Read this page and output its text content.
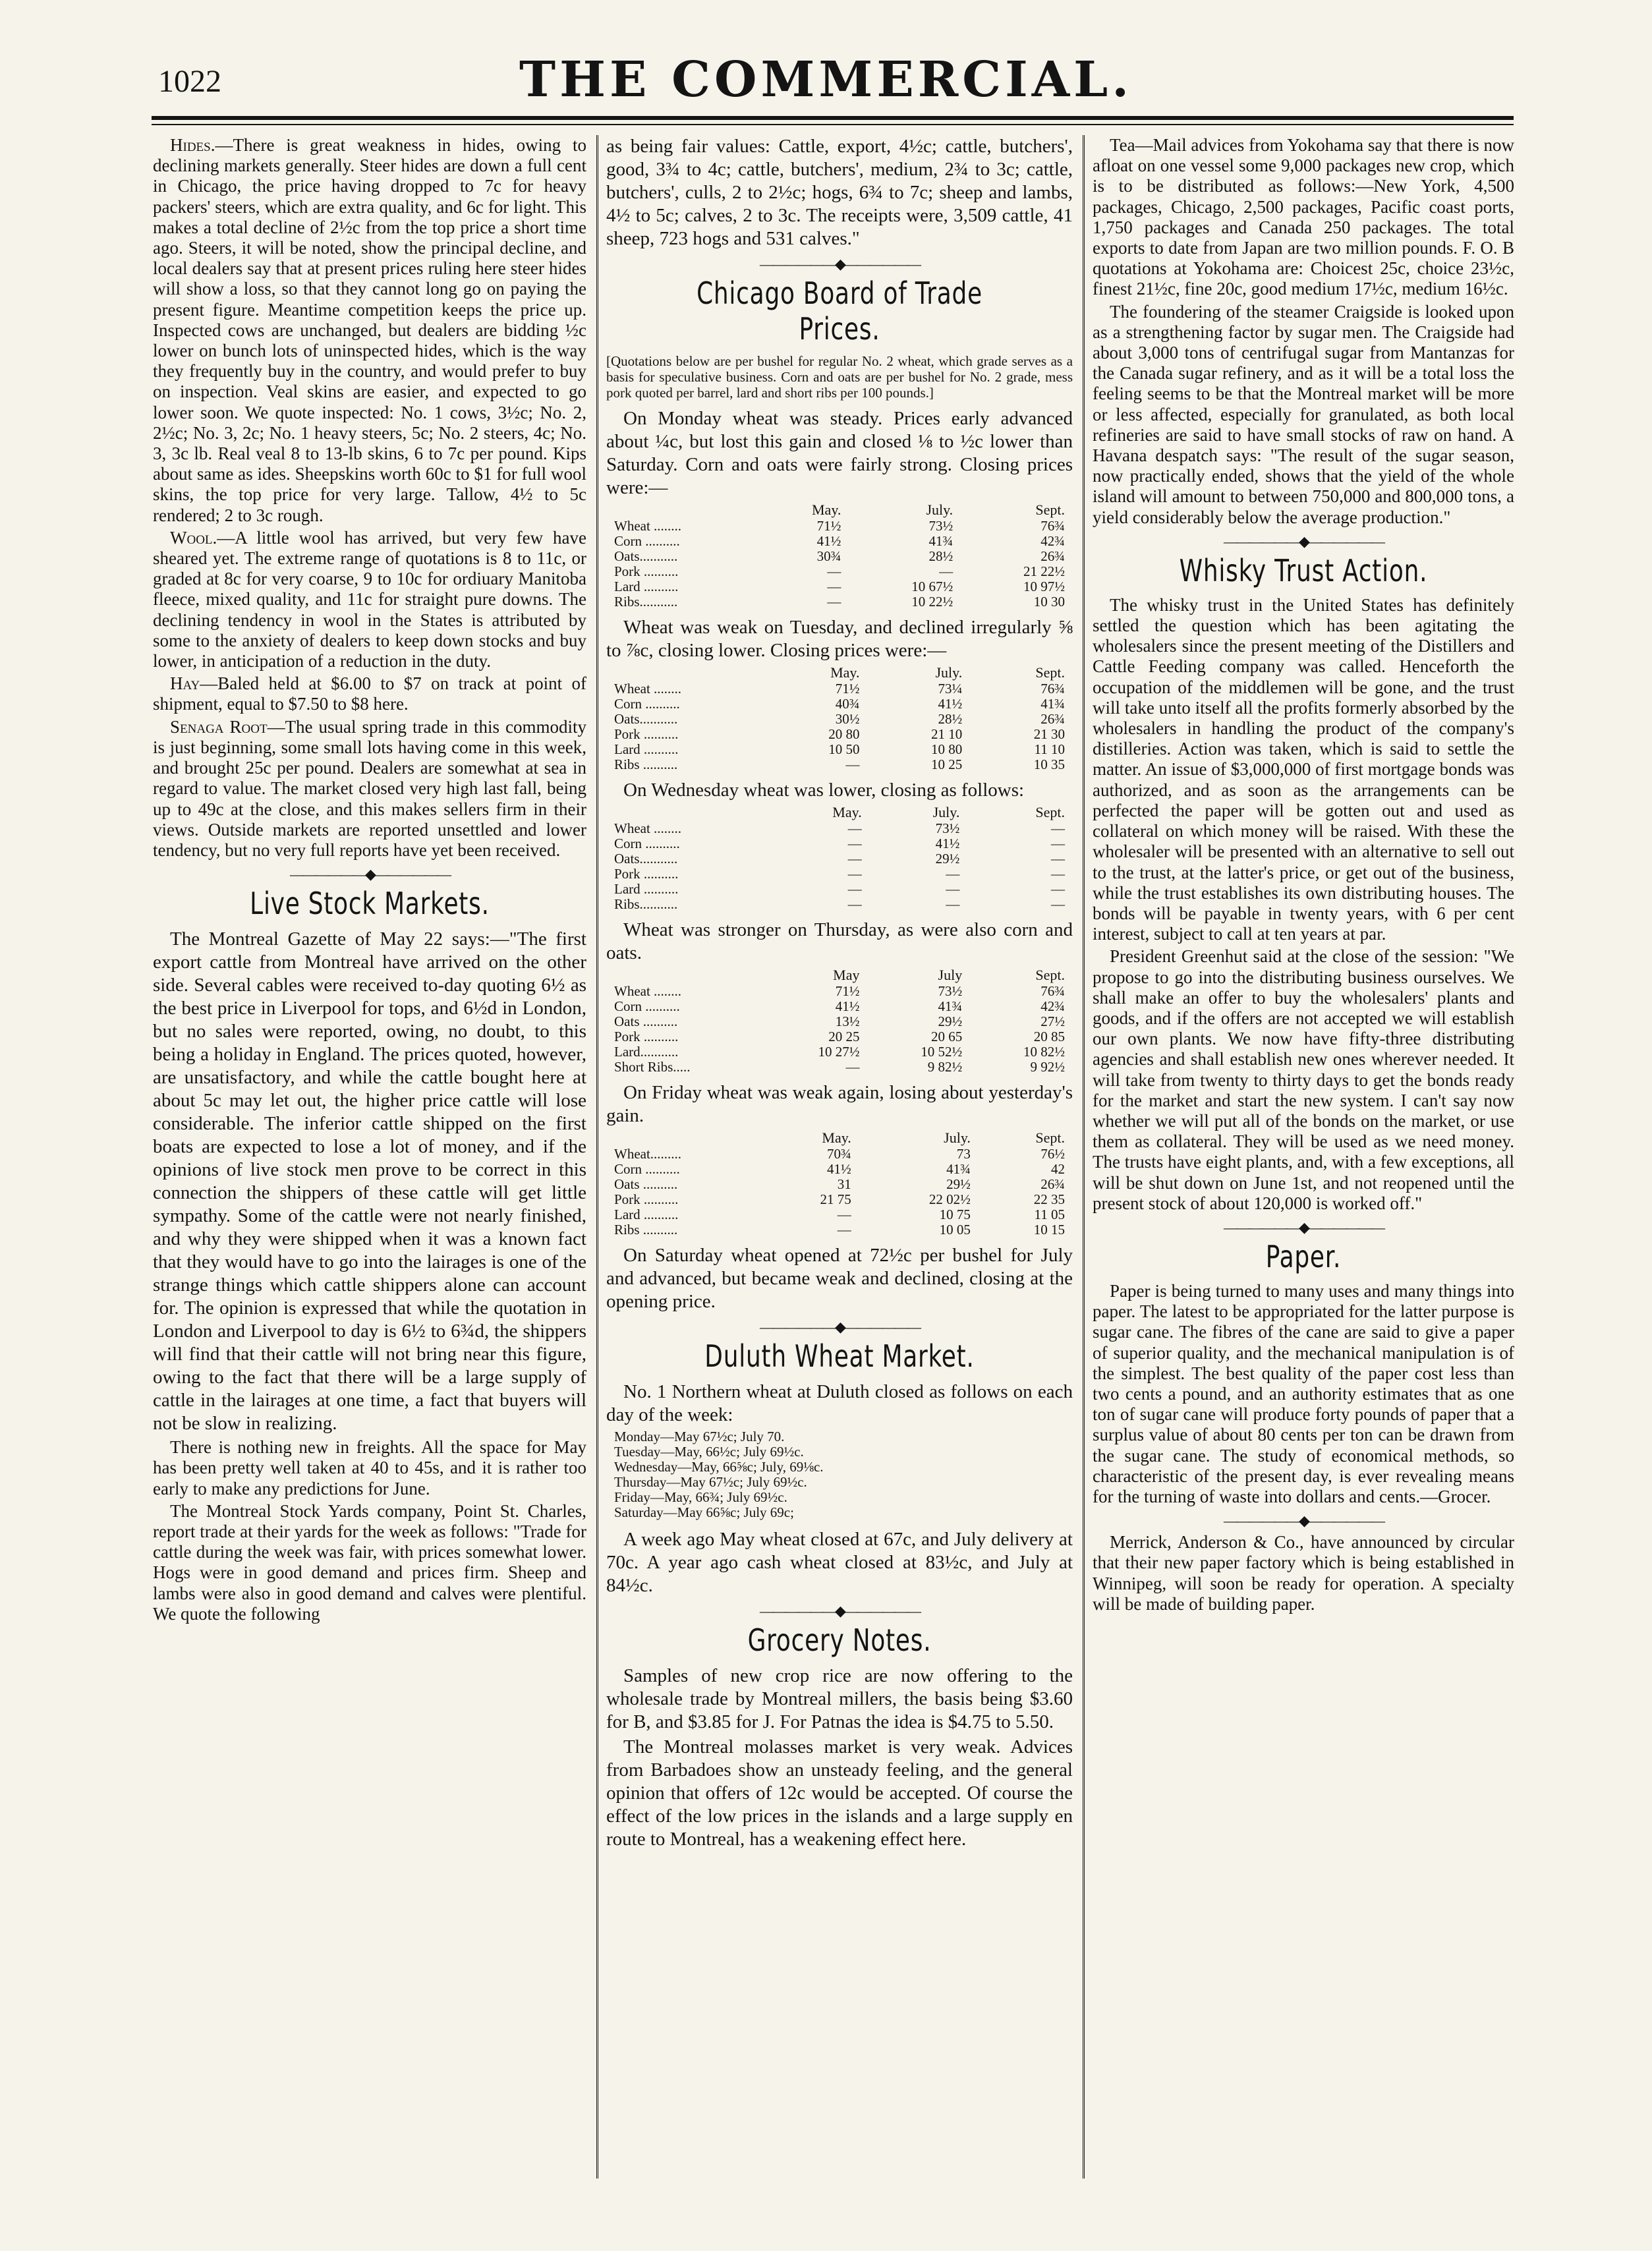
1022	THE COMMERCIAL.

Hides.—There is great weakness in hides, owing to declining markets generally. Steer hides are down a full cent in Chicago, the price having dropped to 7c for heavy packers' steers, which are extra quality, and 6c for light. This makes a total decline of 2½c from the top price a short time ago. Steers, it will be noted, show the principal decline, and local dealers say that at present prices ruling here steer hides will show a loss, so that they cannot long go on paying the present figure. Meantime competition keeps the price up. Inspected cows are unchanged, but dealers are bidding ½c lower on bunch lots of uninspected hides, which is the way they frequently buy in the country, and would prefer to buy on inspection. Veal skins are easier, and expected to go lower soon. We quote inspected: No. 1 cows, 3½c; No. 2, 2½c; No. 3, 2c; No. 1 heavy steers, 5c; No. 2 steers, 4c; No. 3, 3c lb. Real veal 8 to 13-lb skins, 6 to 7c per pound. Kips about same as ides. Sheepskins worth 60c to $1 for full wool skins, the top price for very large. Tallow, 4½ to 5c rendered; 2 to 3c rough.

Wool.—A little wool has arrived, but very few have sheared yet. The extreme range of quotations is 8 to 11c, or graded at 8c for very coarse, 9 to 10c for ordiuary Manitoba fleece, mixed quality, and 11c for straight pure downs. The declining tendency in wool in the States is attributed by some to the anxiety of dealers to keep down stocks and buy lower, in anticipation of a reduction in the duty.

Hay—Baled held at $6.00 to $7 on track at point of shipment, equal to $7.50 to $8 here.

Senaga Root—The usual spring trade in this commodity is just beginning, some small lots having come in this week, and brought 25c per pound. Dealers are somewhat at sea in regard to value. The market closed very high last fall, being up to 49c at the close, and this makes sellers firm in their views. Outside markets are reported unsettled and lower tendency, but no very full reports have yet been received.

——————◆——————
Live Stock Markets.

The Montreal Gazette of May 22 says:—"The first export cattle from Montreal have arrived on the other side. Several cables were received to-day quoting 6½ as the best price in Liverpool for tops, and 6½d in London, but no sales were reported, owing, no doubt, to this being a holiday in England. The prices quoted, however, are unsatisfactory, and while the cattle bought here at about 5c may let out, the higher price cattle will lose considerable. The inferior cattle shipped on the first boats are expected to lose a lot of money, and if the opinions of live stock men prove to be correct in this connection the shippers of these cattle will get little sympathy. Some of the cattle were not nearly finished, and why they were shipped when it was a known fact that they would have to go into the lairages is one of the strange things which cattle shippers alone can account for. The opinion is expressed that while the quotation in London and Liverpool to day is 6½ to 6¾d, the shippers will find that their cattle will not bring near this figure, owing to the fact that there will be a large supply of cattle in the lairages at one time, a fact that buyers will not be slow in realizing.

There is nothing new in freights. All the space for May has been pretty well taken at 40 to 45s, and it is rather too early to make any predictions for June.

The Montreal Stock Yards company, Point St. Charles, report trade at their yards for the week as follows: "Trade for cattle during the week was fair, with prices somewhat lower. Hogs were in good demand and prices firm. Sheep and lambs were also in good demand and calves were plentiful. We quote the following

as being fair values: Cattle, export, 4½c; cattle, butchers', good, 3¾ to 4c; cattle, butchers', medium, 2¾ to 3c; cattle, butchers', culls, 2 to 2½c; hogs, 6¾ to 7c; sheep and lambs, 4½ to 5c; calves, 2 to 3c. The receipts were, 3,509 cattle, 41 sheep, 723 hogs and 531 calves."

——————◆——————
Chicago Board of Trade Prices.
[Quotations below are per bushel for regular No. 2 wheat, which grade serves as a basis for speculative business. Corn and oats are per bushel for No. 2 grade, mess pork quoted per barrel, lard and short ribs per 100 pounds.]

On Monday wheat was steady. Prices early advanced about ¼c, but lost this gain and closed ⅛ to ½c lower than Saturday. Corn and oats were fairly strong. Closing prices were:—

	May.	July.	Sept.
Wheat ........	71½	73½	76¾
Corn ..........	41½	41¾	42¾
Oats...........	30¾	28½	26¾
Pork ..........	—	—	21 22½
Lard ..........	—	10 67½	10 97½
Ribs...........	—	10 22½	10 30

Wheat was weak on Tuesday, and declined irregularly ⅝ to ⅞c, closing lower. Closing prices were:—

	May.	July.	Sept.
Wheat ........	71½	73¼	76¾
Corn ..........	40¾	41½	41¾
Oats...........	30½	28½	26¾
Pork ..........	20 80	21 10	21 30
Lard ..........	10 50	10 80	11 10
Ribs ..........	—	10 25	10 35

On Wednesday wheat was lower, closing as follows:

	May.	July.	Sept.
Wheat ........	—	73½	—
Corn ..........	—	41½	—
Oats...........	—	29½	—
Pork ..........	—	—	—
Lard ..........	—	—	—
Ribs...........	—	—	—

Wheat was stronger on Thursday, as were also corn and oats.

	May	July	Sept.
Wheat ........	71½	73½	76¾
Corn ..........	41½	41¾	42¾
Oats ..........	13½	29½	27½
Pork ..........	20 25	20 65	20 85
Lard...........	10 27½	10 52½	10 82½
Short Ribs.....	—	9 82½	9 92½

On Friday wheat was weak again, losing about yesterday's gain.

	May.	July.	Sept.
Wheat.........	70¾	73	76½
Corn ..........	41½	41¾	42
Oats ..........	31	29½	26¾
Pork ..........	21 75	22 02½	22 35
Lard ..........	—	10 75	11 05
Ribs ..........	—	10 05	10 15

On Saturday wheat opened at 72½c per bushel for July and advanced, but became weak and declined, closing at the opening price.

——————◆——————
Duluth Wheat Market.

No. 1 Northern wheat at Duluth closed as follows on each day of the week:

Monday—May 67½c; July 70.
Tuesday—May, 66½c; July 69½c.
Wednesday—May, 66⅝c; July, 69⅛c.
Thursday—May 67½c; July 69½c.
Friday—May, 66¾; July 69½c.
Saturday—May 66⅝c; July 69c;

A week ago May wheat closed at 67c, and July delivery at 70c. A year ago cash wheat closed at 83½c, and July at 84½c.

——————◆——————
Grocery Notes.

Samples of new crop rice are now offering to the wholesale trade by Montreal millers, the basis being $3.60 for B, and $3.85 for J. For Patnas the idea is $4.75 to 5.50.

The Montreal molasses market is very weak. Advices from Barbadoes show an unsteady feeling, and the general opinion that offers of 12c would be accepted. Of course the effect of the low prices in the islands and a large supply en route to Montreal, has a weakening effect here.

Tea—Mail advices from Yokohama say that there is now afloat on one vessel some 9,000 packages new crop, which is to be distributed as follows:—New York, 4,500 packages, Chicago, 2,500 packages, Pacific coast ports, 1,750 packages and Canada 250 packages. The total exports to date from Japan are two million pounds. F. O. B quotations at Yokohama are: Choicest 25c, choice 23½c, finest 21½c, fine 20c, good medium 17½c, medium 16½c.

The foundering of the steamer Craigside is looked upon as a strengthening factor by sugar men. The Craigside had about 3,000 tons of centrifugal sugar from Mantanzas for the Canada sugar refinery, and as it will be a total loss the feeling seems to be that the Montreal market will be more or less affected, especially for granulated, as both local refineries are said to have small stocks of raw on hand. A Havana despatch says: "The result of the sugar season, now practically ended, shows that the yield of the whole island will amount to between 750,000 and 800,000 tons, a yield considerably below the average production."

——————◆——————
Whisky Trust Action.

The whisky trust in the United States has definitely settled the question which has been agitating the wholesalers since the present meeting of the Distillers and Cattle Feeding company was called. Henceforth the occupation of the middlemen will be gone, and the trust will take unto itself all the profits formerly absorbed by the wholesalers in handling the product of the company's distilleries. Action was taken, which is said to settle the matter. An issue of $3,000,000 of first mortgage bonds was authorized, and as soon as the arrangements can be perfected the paper will be gotten out and used as collateral on which money will be raised. With these the wholesaler will be presented with an alternative to sell out to the trust, at the latter's price, or get out of the business, while the trust establishes its own distributing houses. The bonds will be payable in twenty years, with 6 per cent interest, subject to call at ten years at par.

President Greenhut said at the close of the session: "We propose to go into the distributing business ourselves. We shall make an offer to buy the wholesalers' plants and goods, and if the offers are not accepted we will establish our own plants. We now have fifty-three distributing agencies and shall establish new ones wherever needed. It will take from twenty to thirty days to get the bonds ready for the market and start the new system. I can't say now whether we will put all of the bonds on the market, or use them as collateral. They will be used as we need money. The trusts have eight plants, and, with a few exceptions, all will be shut down on June 1st, and not reopened until the present stock of about 120,000 is worked off."

——————◆——————
Paper.

Paper is being turned to many uses and many things into paper. The latest to be appropriated for the latter purpose is sugar cane. The fibres of the cane are said to give a paper of superior quality, and the mechanical manipulation is of the simplest. The best quality of the paper cost less than two cents a pound, and an authority estimates that as one ton of sugar cane will produce forty pounds of paper that a surplus value of about 80 cents per ton can be drawn from the sugar cane. The study of economical methods, so characteristic of the present day, is ever revealing means for the turning of waste into dollars and cents.—Grocer.

——————◆——————

Merrick, Anderson & Co., have announced by circular that their new paper factory which is being established in Winnipeg, will soon be ready for operation. A specialty will be made of building paper.
